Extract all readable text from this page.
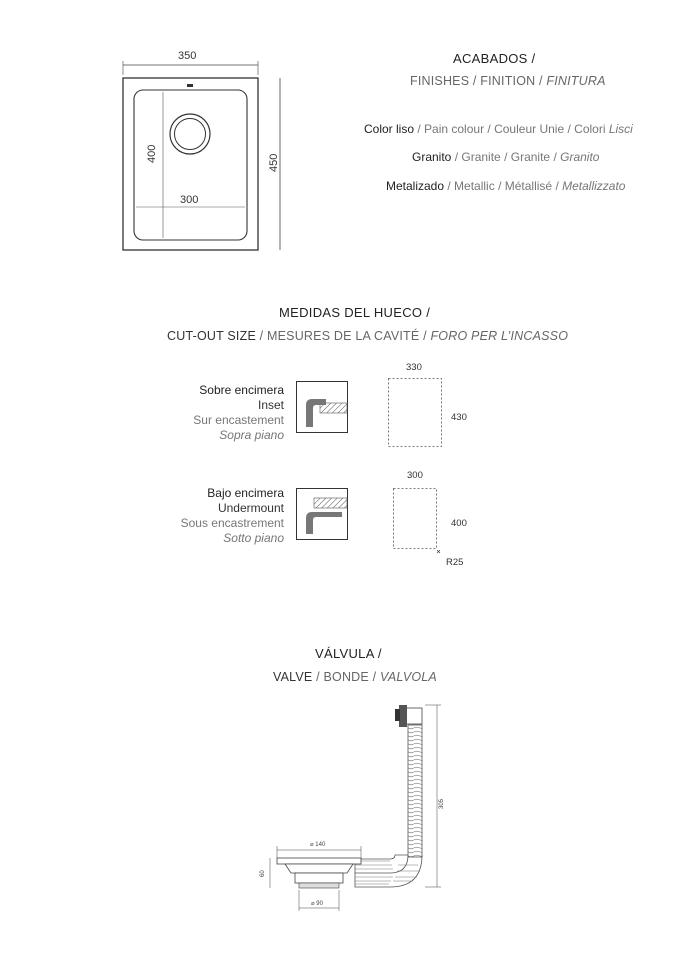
350
300
400	450
ACABADOS /
FINISHES / FINITION / FINITURA
Color liso / Pain colour / Couleur Unie / Colori Lisci
Granito / Granite / Granite / Granito
Metalizado / Metallic / Métallisé / Metallizzato
MEDIDAS DEL HUECO /
CUT-OUT SIZE / MESURES DE LA CAVITÉ / FORO PER L’INCASSO
Sobre encimera
Inset
Sur encastement
Sopra piano
330
430
Bajo encimera
Undermount
Sous encastrement
Sotto piano
300
400
R25
VÁLVULA /
VALVE / BONDE / VALVOLA
⌀ 140
⌀ 90
60
305
